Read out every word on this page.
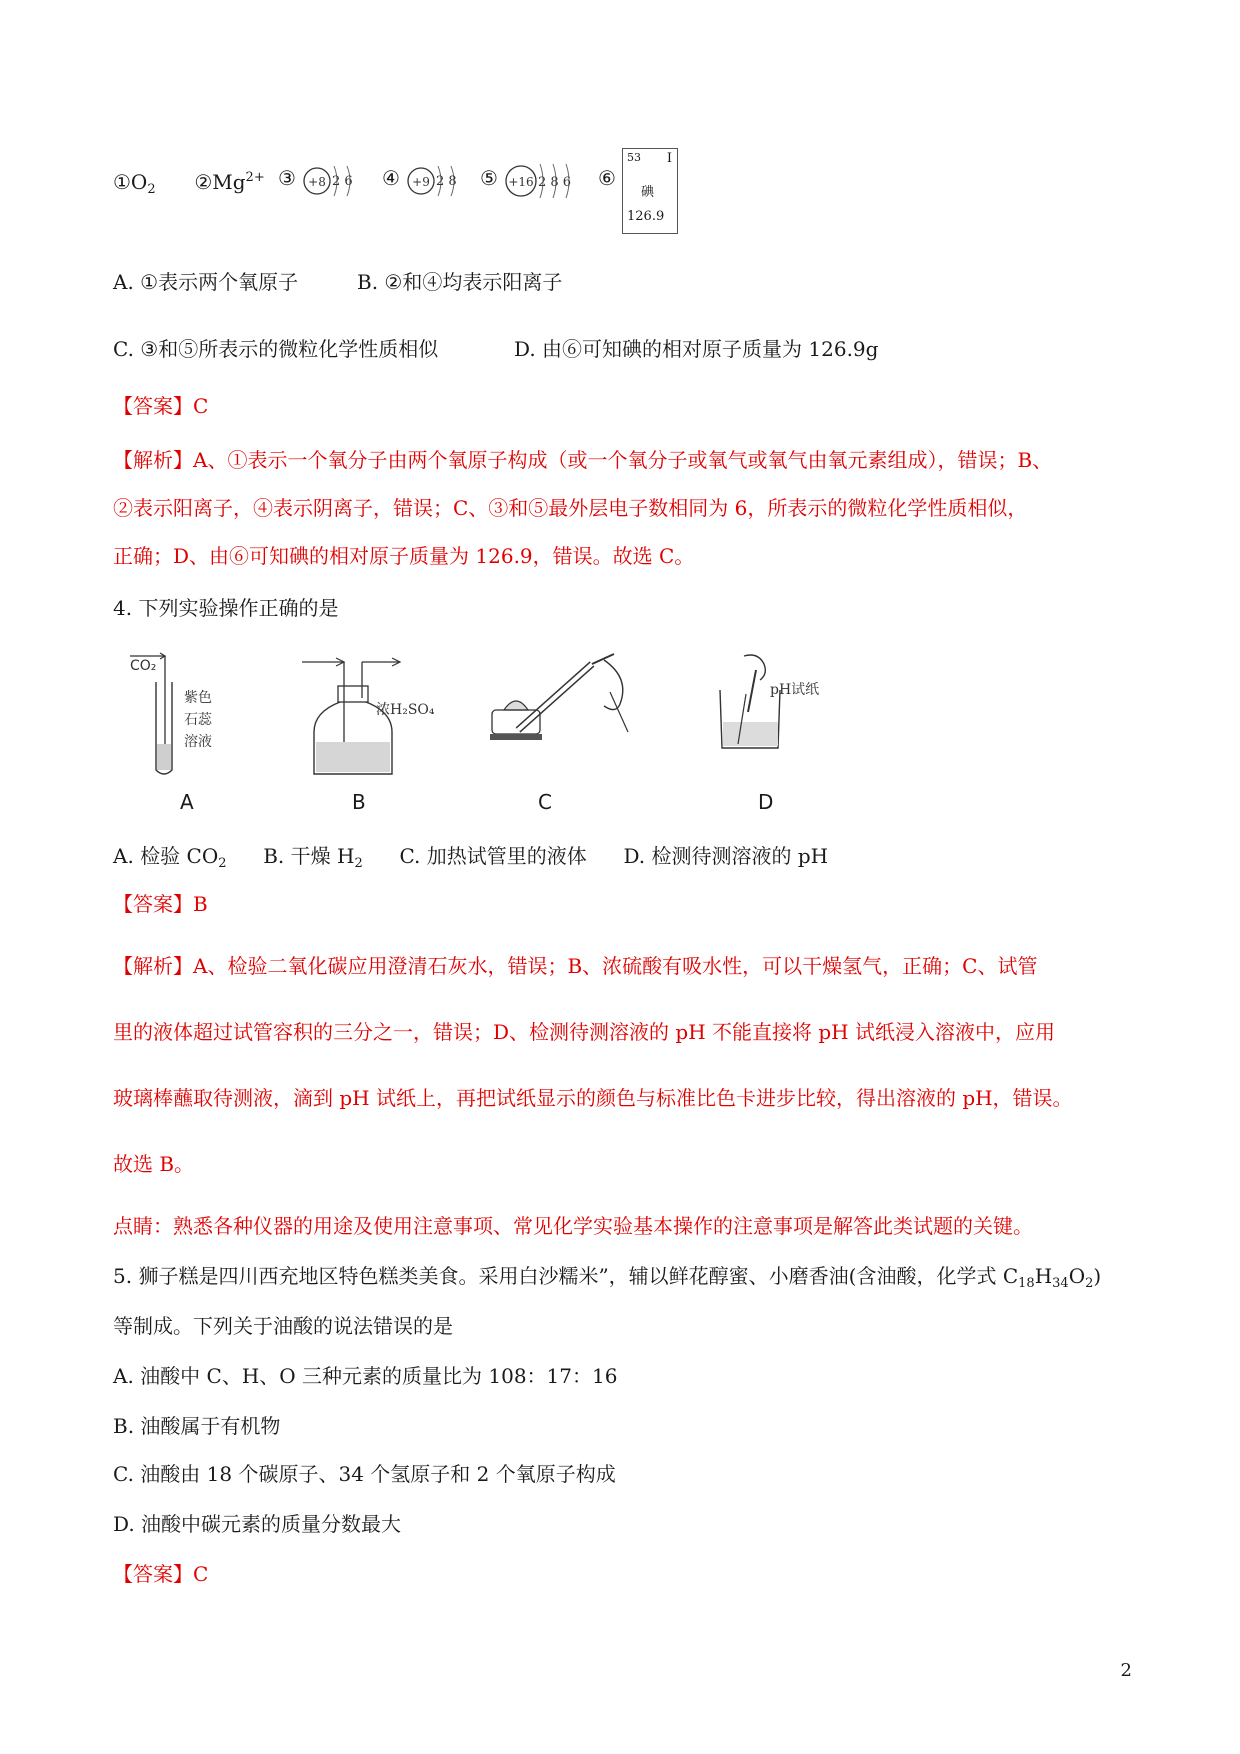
$①O_2$ $②Mg^{2+}$ ③ +8 2 6 ④ +9 2 8 ⑤ +16 2 8 6 ⑥
53 I
碘
126.9
A. ①表示两个氧原子	B. ②和④均表示阳离子
C. ③和⑤所表示的微粒化学性质相似	D. 由⑥可知碘的相对原子质量为 126.9g
【答案】C
【解析】A、①表示一个氧分子由两个氧原子构成（或一个氧分子或氧气或氧气由氧元素组成），错误；B、
②表示阳离子，④表示阴离子，错误；C、③和⑤最外层电子数相同为 6，所表示的微粒化学性质相似，
正确；D、由⑥可知碘的相对原子质量为 126.9，错误。故选 C。
4. 下列实验操作正确的是
CO₂
紫色
石蕊
溶液
A
浓H₂SO₄
B	C
pH试纸
D
A. 检验 $CO_2$ B. 干燥 $H_2$ C. 加热试管里的液体 D. 检测待测溶液的 pH
【答案】B
【解析】A、检验二氧化碳应用澄清石灰水，错误；B、浓硫酸有吸水性，可以干燥氢气，正确；C、试管
里的液体超过试管容积的三分之一，错误；D、检测待测溶液的 pH 不能直接将 pH 试纸浸入溶液中，应用
玻璃棒蘸取待测液，滴到 pH 试纸上，再把试纸显示的颜色与标准比色卡进步比较，得出溶液的 pH，错误。
故选 B。
点睛：熟悉各种仪器的用途及使用注意事项、常见化学实验基本操作的注意事项是解答此类试题的关键。
5. 狮子糕是四川西充地区特色糕类美食。采用白沙糯米”，辅以鲜花醇蜜、小磨香油(含油酸，化学式 $C_{18}H_{34}O_2$)
等制成。下列关于油酸的说法错误的是
A. 油酸中 C、H、O 三种元素的质量比为 108：17：16
B. 油酸属于有机物
C. 油酸由 18 个碳原子、34 个氢原子和 2 个氧原子构成
D. 油酸中碳元素的质量分数最大
【答案】C
2
